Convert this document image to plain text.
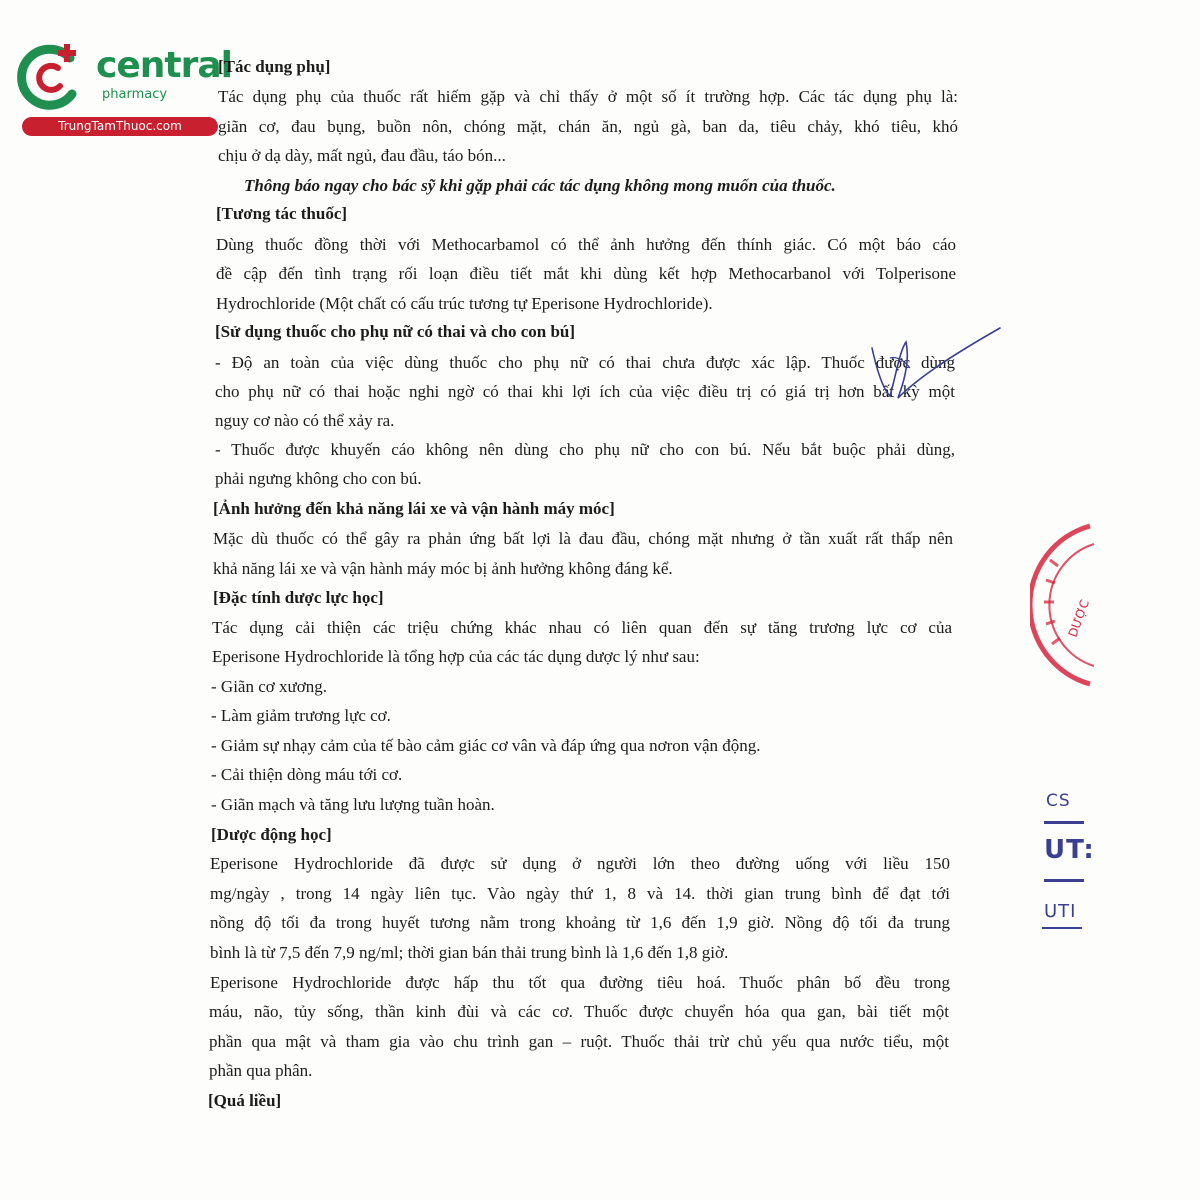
central
pharmacy
TrungTamThuoc.com
[Tác dụng phụ]
Tác dụng phụ của thuốc rất hiếm gặp và chỉ thấy ở một số ít trường hợp. Các tác dụng phụ là:
giãn cơ, đau bụng, buồn nôn, chóng mặt, chán ăn, ngủ gà, ban da, tiêu chảy, khó tiêu, khó
chịu ở dạ dày, mất ngủ, đau đầu, táo bón...
Thông báo ngay cho bác sỹ khi gặp phải các tác dụng không mong muốn của thuốc.
[Tương tác thuốc]
Dùng thuốc đồng thời với Methocarbamol có thể ảnh hưởng đến thính giác. Có một báo cáo
đề cập đến tình trạng rối loạn điều tiết mắt khi dùng kết hợp Methocarbanol với Tolperisone
Hydrochloride (Một chất có cấu trúc tương tự Eperisone Hydrochloride).
[Sử dụng thuốc cho phụ nữ có thai và cho con bú]
- Độ an toàn của việc dùng thuốc cho phụ nữ có thai chưa được xác lập. Thuốc được dùng
cho phụ nữ có thai hoặc nghi ngờ có thai khi lợi ích của việc điều trị có giá trị hơn bất kỳ một
nguy cơ nào có thể xảy ra.
- Thuốc được khuyến cáo không nên dùng cho phụ nữ cho con bú. Nếu bắt buộc phải dùng,
phải ngưng không cho con bú.
[Ảnh hưởng đến khả năng lái xe và vận hành máy móc]
Mặc dù thuốc có thể gây ra phản ứng bất lợi là đau đầu, chóng mặt nhưng ở tần xuất rất thấp nên
khả năng lái xe và vận hành máy móc bị ảnh hưởng không đáng kể.
[Đặc tính dược lực học]
Tác dụng cải thiện các triệu chứng khác nhau có liên quan đến sự tăng trương lực cơ của
Eperisone Hydrochloride là tổng hợp của các tác dụng dược lý như sau:
- Giãn cơ xương.
- Làm giảm trương lực cơ.
- Giảm sự nhạy cảm của tế bào cảm giác cơ vân và đáp ứng qua nơron vận động.
- Cải thiện dòng máu tới cơ.
- Giãn mạch và tăng lưu lượng tuần hoàn.
[Dược động học]
Eperisone Hydrochloride đã được sử dụng ở người lớn theo đường uống với liều 150
mg/ngày , trong 14 ngày liên tục. Vào ngày thứ 1, 8 và 14. thời gian trung bình để đạt tới
nồng độ tối đa trong huyết tương nằm trong khoảng từ 1,6 đến 1,9 giờ. Nồng độ tối đa trung
bình là từ 7,5 đến 7,9 ng/ml; thời gian bán thải trung bình là 1,6 đến 1,8 giờ.
Eperisone Hydrochloride được hấp thu tốt qua đường tiêu hoá. Thuốc phân bố đều trong
máu, não, tủy sống, thần kinh đùi và các cơ. Thuốc được chuyển hóa qua gan, bài tiết một
phần qua mật và tham gia vào chu trình gan – ruột. Thuốc thải trừ chủ yếu qua nước tiểu, một
phần qua phân.
[Quá liều]
DƯỢC
CS
UT:
UTI
